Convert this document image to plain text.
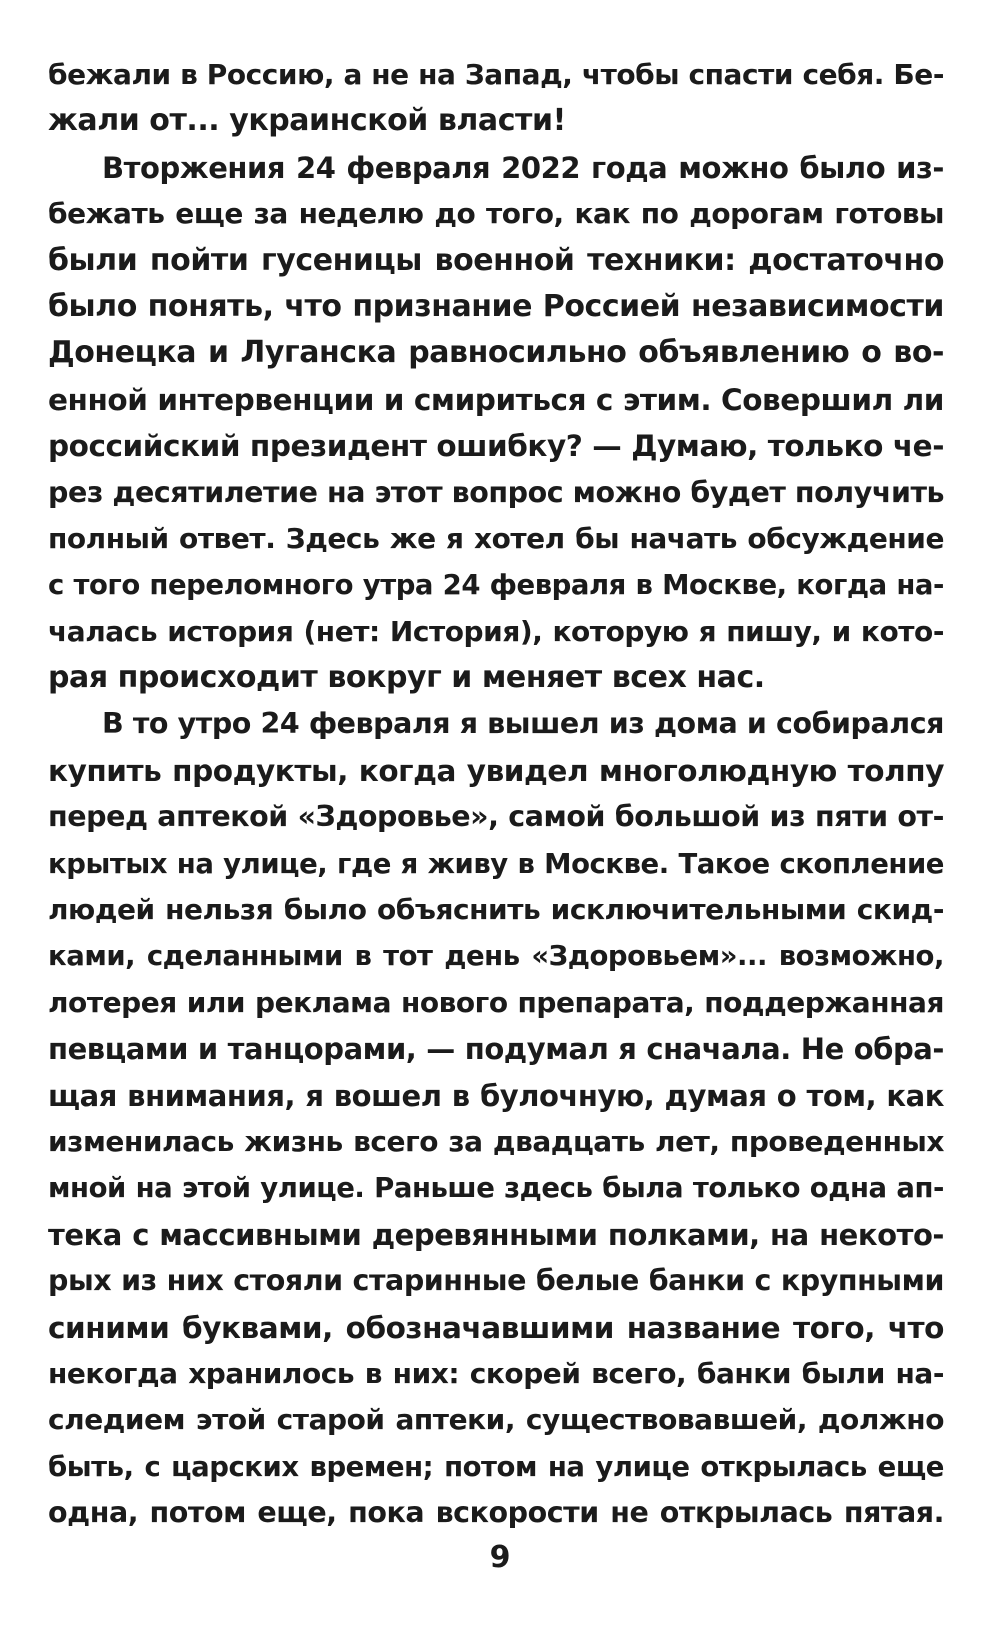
бежали в Россию, а не на Запад, чтобы спасти себя. Бе-
жали от... украинской власти!
Вторжения 24 февраля 2022 года можно было из-
бежать еще за неделю до того, как по дорогам готовы
были пойти гусеницы военной техники: достаточно
было понять, что признание Россией независимости
Донецка и Луганска равносильно объявлению о во-
енной интервенции и смириться с этим. Совершил ли
российский президент ошибку? — Думаю, только че-
рез десятилетие на этот вопрос можно будет получить
полный ответ. Здесь же я хотел бы начать обсуждение
с того переломного утра 24 февраля в Москве, когда на-
чалась история (нет: История), которую я пишу, и кото-
рая происходит вокруг и меняет всех нас.
В то утро 24 февраля я вышел из дома и собирался
купить продукты, когда увидел многолюдную толпу
перед аптекой «Здоровье», самой большой из пяти от-
крытых на улице, где я живу в Москве. Такое скопление
людей нельзя было объяснить исключительными скид-
ками, сделанными в тот день «Здоровьем»... возможно,
лотерея или реклама нового препарата, поддержанная
певцами и танцорами, — подумал я сначала. Не обра-
щая внимания, я вошел в булочную, думая о том, как
изменилась жизнь всего за двадцать лет, проведенных
мной на этой улице. Раньше здесь была только одна ап-
тека с массивными деревянными полками, на некото-
рых из них стояли старинные белые банки с крупными
синими буквами, обозначавшими название того, что
некогда хранилось в них: скорей всего, банки были на-
следием этой старой аптеки, существовавшей, должно
быть, с царских времен; потом на улице открылась еще
одна, потом еще, пока вскорости не открылась пятая.
9
